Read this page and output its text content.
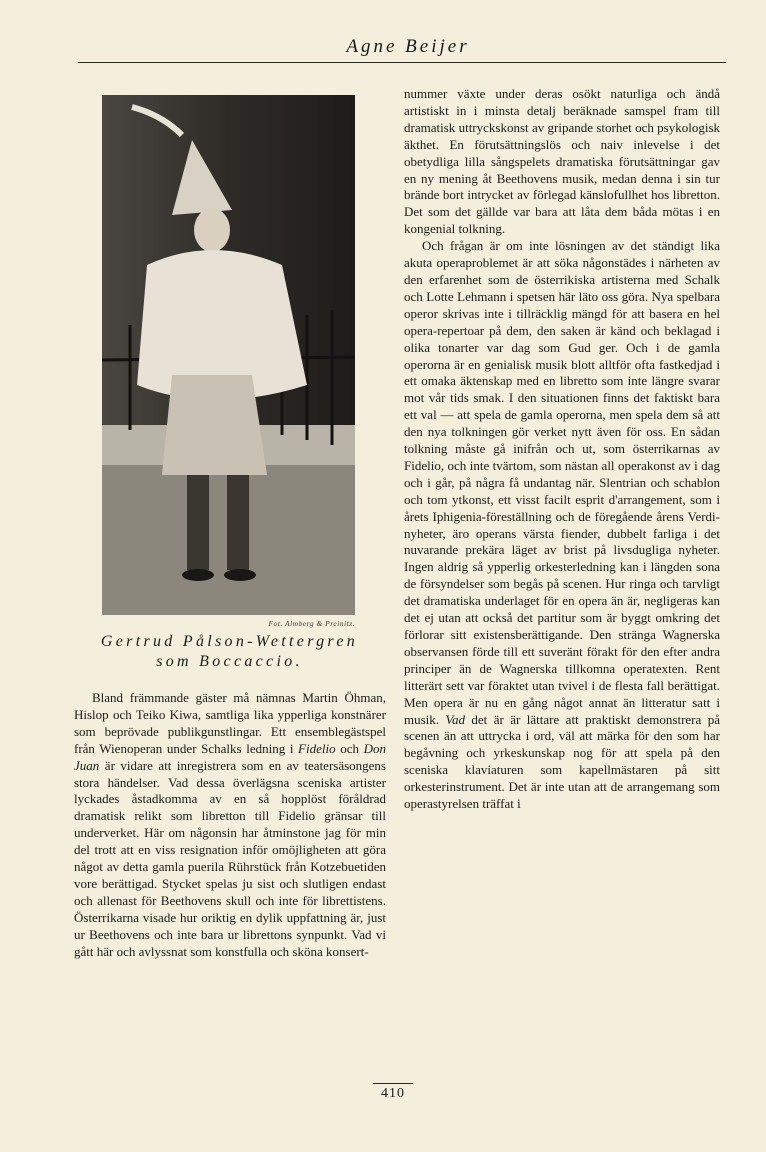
Agne Beijer
Fot. Almberg & Preinitz.
Gertrud Pålson-Wettergren
som Boccaccio.

Bland främmande gäster må nämnas Martin Öhman, Hislop och Teiko Kiwa, samtliga lika ypperliga konstnärer som beprövade publikgunstlingar. Ett ensemblegästspel från Wienoperan under Schalks ledning i Fidelio och Don Juan är vidare att inregistrera som en av teatersäsongens stora händelser. Vad dessa överlägsna sceniska artister lyckades åstadkomma av en så hopplöst föråldrad dramatisk relikt som libretton till Fidelio gränsar till underverket. Här om någonsin har åtminstone jag för min del trott att en viss resignation inför omöjligheten att göra något av detta gamla puerila Rührstück från Kotzebuetiden vore berättigad. Stycket spelas ju sist och slutligen endast och allenast för Beethovens skull och inte för librettistens. Österrikarna visade hur oriktig en dylik uppfattning är, just ur Beethovens och inte bara ur librettons synpunkt. Vad vi gått här och avlyssnat som konstfulla och sköna konsert-

nummer växte under deras osökt naturliga och ändå artistiskt in i minsta detalj beräknade samspel fram till dramatisk uttryckskonst av gripande storhet och psykologisk äkthet. En förutsättningslös och naiv inlevelse i det obetydliga lilla sångspelets dramatiska förutsättningar gav en ny mening åt Beethovens musik, medan denna i sin tur brände bort intrycket av förlegad känslofullhet hos libretton. Det som det gällde var bara att låta dem båda mötas i en kongenial tolkning.

Och frågan är om inte lösningen av det ständigt lika akuta operaproblemet är att söka någonstädes i närheten av den erfarenhet som de österrikiska artisterna med Schalk och Lotte Lehmann i spetsen här läto oss göra. Nya spelbara operor skrivas inte i tillräcklig mängd för att basera en hel opera-repertoar på dem, den saken är känd och beklagad i olika tonarter var dag som Gud ger. Och i de gamla operorna är en genialisk musik blott alltför ofta fastkedjad i ett omaka äktenskap med en libretto som inte längre svarar mot vår tids smak. I den situationen finns det faktiskt bara ett val — att spela de gamla operorna, men spela dem så att den nya tolkningen gör verket nytt även för oss. En sådan tolkning måste gå inifrån och ut, som österrikarnas av Fidelio, och inte tvärtom, som nästan all operakonst av i dag och i går, på några få undantag när. Slentrian och schablon och tom ytkonst, ett visst facilt esprit d'arrangement, som i årets Iphigenia-föreställning och de föregående årens Verdi-nyheter, äro operans värsta fiender, dubbelt farliga i det nuvarande prekära läget av brist på livsdugliga nyheter. Ingen aldrig så ypperlig orkesterledning kan i längden sona de försyndelser som begås på scenen. Hur ringa och tarvligt det dramatiska underlaget för en opera än är, negligeras kan det ej utan att också det partitur som är byggt omkring det förlorar sitt existensberättigande. Den stränga Wagnerska observansen förde till ett suveränt förakt för den efter andra principer än de Wagnerska tillkomna operatexten. Rent litterärt sett var föraktet utan tvivel i de flesta fall berättigat. Men opera är nu en gång något annat än litteratur satt i musik. Vad det är är lättare att praktiskt demonstrera på scenen än att uttrycka i ord, väl att märka för den som har begåvning och yrkeskunskap nog för att spela på den sceniska klaviaturen som kapellmästaren på sitt orkesterinstrument. Det är inte utan att de arrangemang som operastyrelsen träffat i

410
